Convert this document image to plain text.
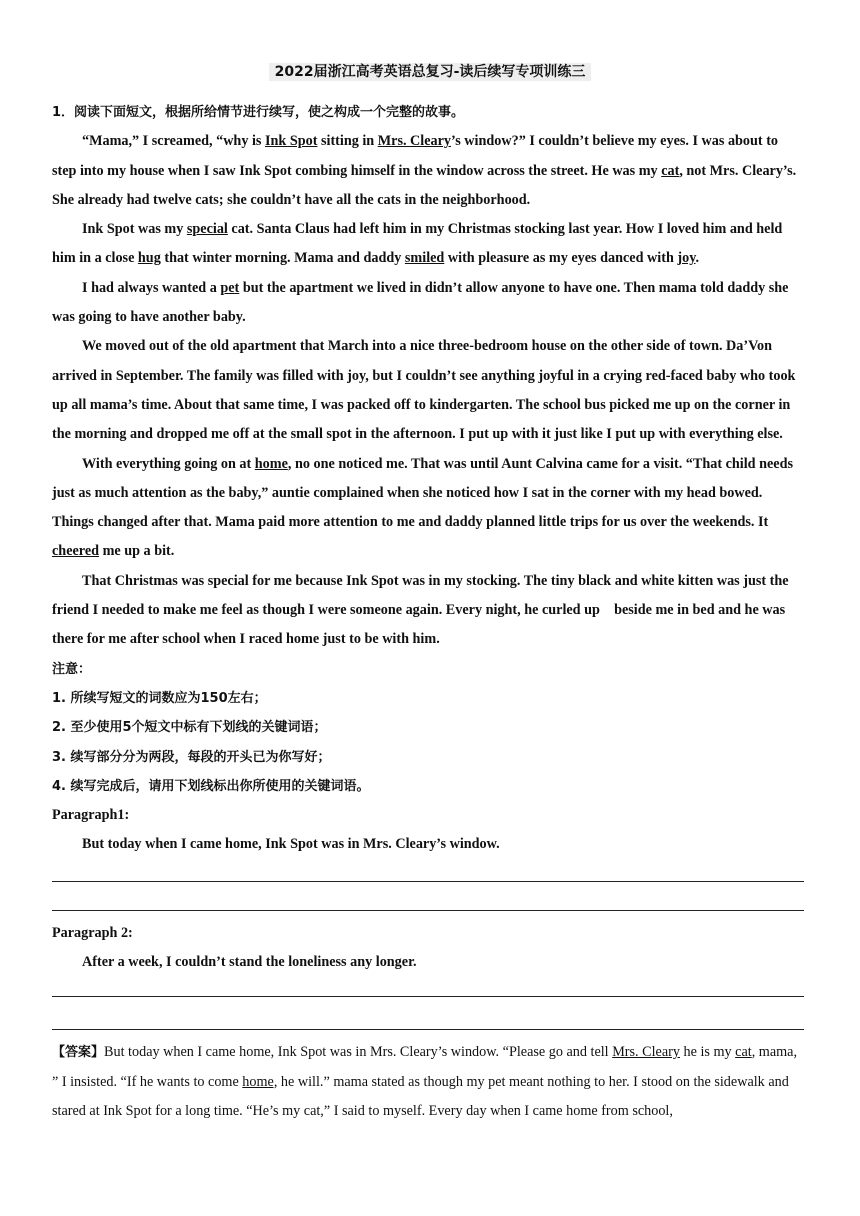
2022届浙江高考英语总复习-读后续写专项训练三

1．阅读下面短文，根据所给情节进行续写，使之构成一个完整的故事。

“Mama,” I screamed, “why is Ink Spot sitting in Mrs. Cleary’s window?” I couldn’t believe my eyes. I was about to step into my house when I saw Ink Spot combing himself in the window across the street. He was my cat, not Mrs. Cleary’s. She already had twelve cats; she couldn’t have all the cats in the neighborhood.

Ink Spot was my special cat. Santa Claus had left him in my Christmas stocking last year. How I loved him and held him in a close hug that winter morning. Mama and daddy smiled with pleasure as my eyes danced with joy.

I had always wanted a pet but the apartment we lived in didn’t allow anyone to have one. Then mama told daddy she was going to have another baby.

We moved out of the old apartment that March into a nice three-bedroom house on the other side of town. Da’Von arrived in September. The family was filled with joy, but I couldn’t see anything joyful in a crying red-faced baby who took up all mama’s time. About that same time, I was packed off to kindergarten. The school bus picked me up on the corner in the morning and dropped me off at the small spot in the afternoon. I put up with it just like I put up with everything else.

With everything going on at home, no one noticed me. That was until Aunt Calvina came for a visit. “That child needs just as much attention as the baby,” auntie complained when she noticed how I sat in the corner with my head bowed. Things changed after that. Mama paid more attention to me and daddy planned little trips for us over the weekends. It cheered me up a bit.

That Christmas was special for me because Ink Spot was in my stocking. The tiny black and white kitten was just the friend I needed to make me feel as though I were someone again. Every night, he curled up    beside me in bed and he was there for me after school when I raced home just to be with him.

注意：

1. 所续写短文的词数应为150左右；

2. 至少使用5个短文中标有下划线的关键词语；

3. 续写部分分为两段，每段的开头已为你写好；

4. 续写完成后，请用下划线标出你所使用的关键词语。

Paragraph1:

But today when I came home, Ink Spot was in Mrs. Cleary’s window.

Paragraph 2:

After a week, I couldn’t stand the loneliness any longer.

【答案】But today when I came home, Ink Spot was in Mrs. Cleary’s window. “Please go and tell Mrs. Cleary he is my cat, mama, ” I insisted. “If he wants to come home, he will.” mama stated as though my pet meant nothing to her. I stood on the sidewalk and stared at Ink Spot for a long time. “He’s my cat,” I said to myself. Every day when I came home from school,
